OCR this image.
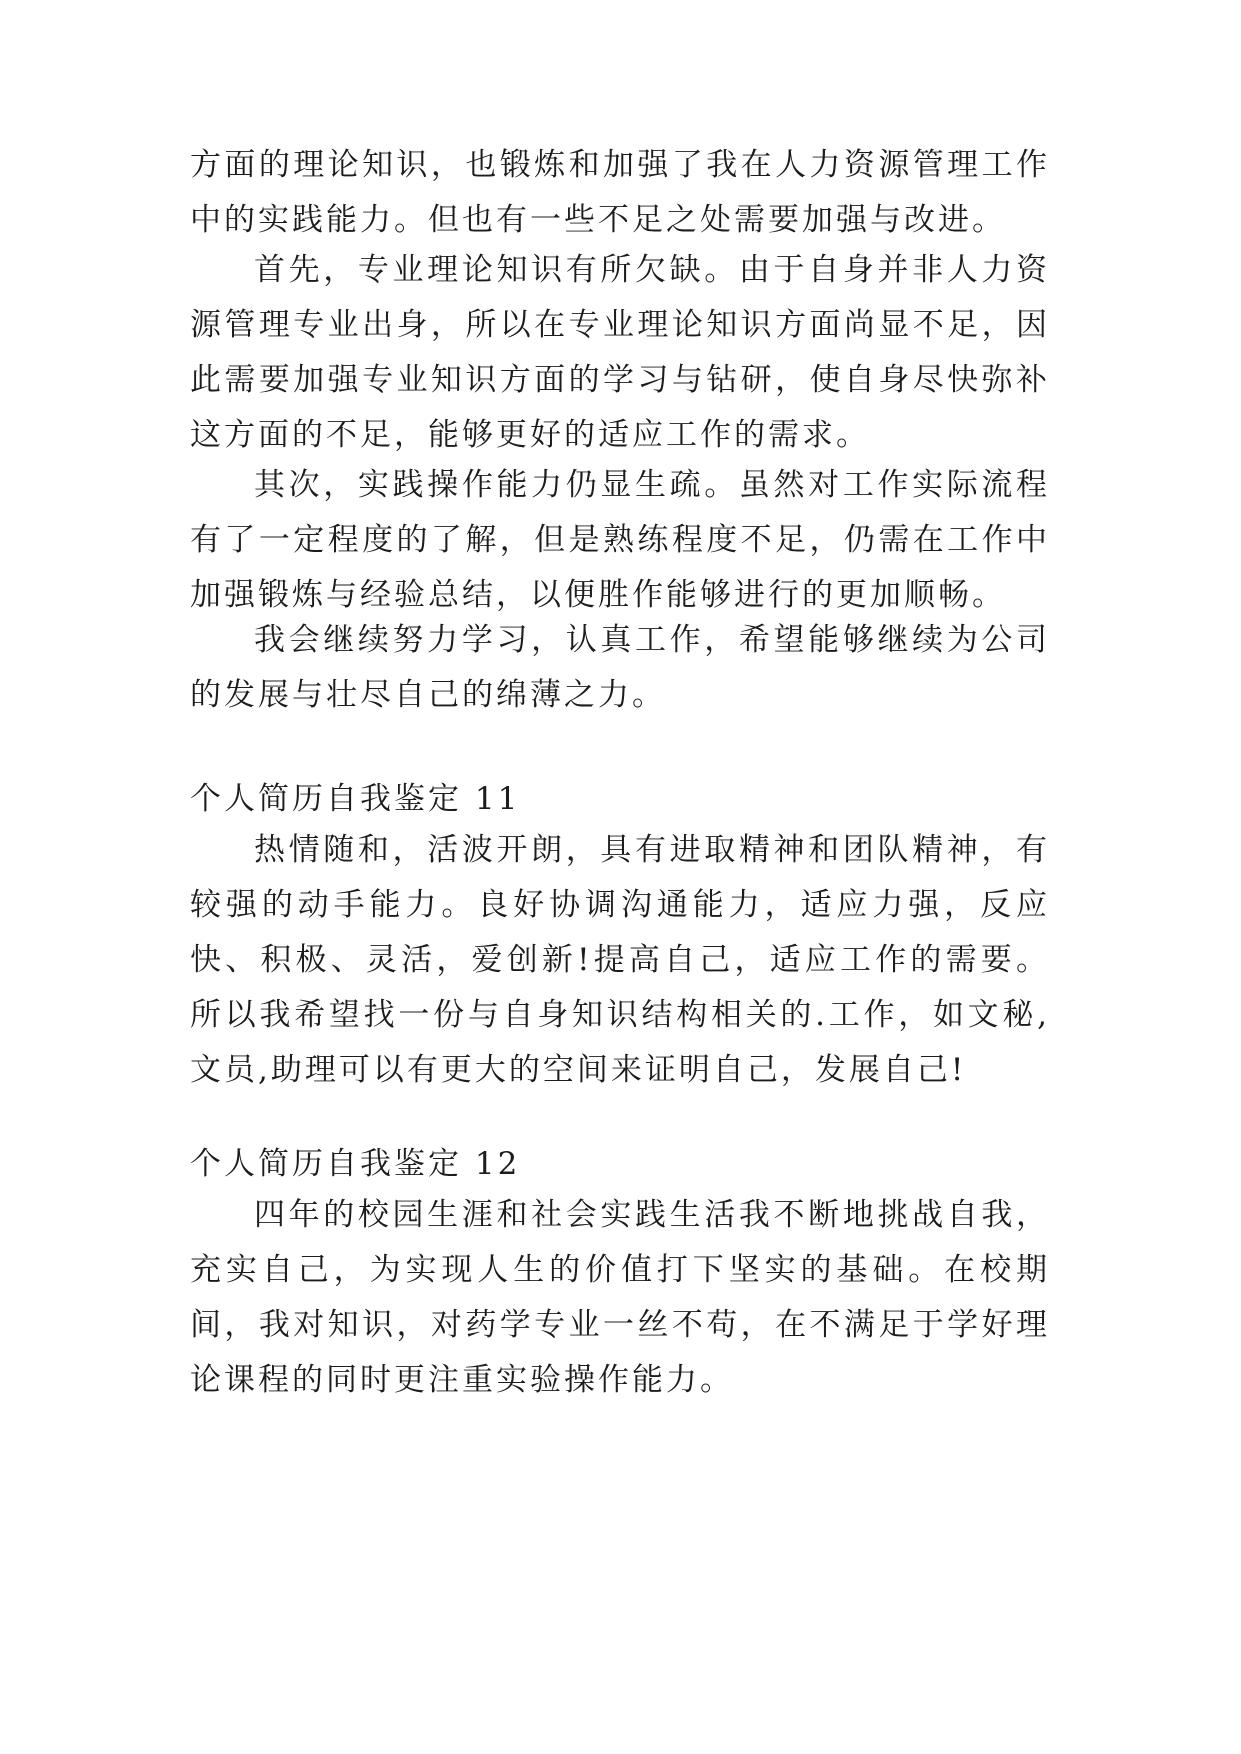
方面的理论知识，也锻炼和加强了我在人力资源管理工作中的实践能力。但也有一些不足之处需要加强与改进。
首先，专业理论知识有所欠缺。由于自身并非人力资源管理专业出身，所以在专业理论知识方面尚显不足，因此需要加强专业知识方面的学习与钻研，使自身尽快弥补这方面的不足，能够更好的适应工作的需求。
其次，实践操作能力仍显生疏。虽然对工作实际流程有了一定程度的了解，但是熟练程度不足，仍需在工作中加强锻炼与经验总结，以便胜作能够进行的更加顺畅。
我会继续努力学习，认真工作，希望能够继续为公司的发展与壮尽自己的绵薄之力。
个人简历自我鉴定 11
热情随和，活波开朗，具有进取精神和团队精神，有较强的动手能力。良好协调沟通能力，适应力强，反应快、积极、灵活，爱创新!提高自己，适应工作的需要。所以我希望找一份与自身知识结构相关的.工作，如文秘,文员,助理可以有更大的空间来证明自己，发展自己!
个人简历自我鉴定 12
四年的校园生涯和社会实践生活我不断地挑战自我，充实自己，为实现人生的价值打下坚实的基础。在校期间，我对知识，对药学专业一丝不苟，在不满足于学好理论课程的同时更注重实验操作能力。
